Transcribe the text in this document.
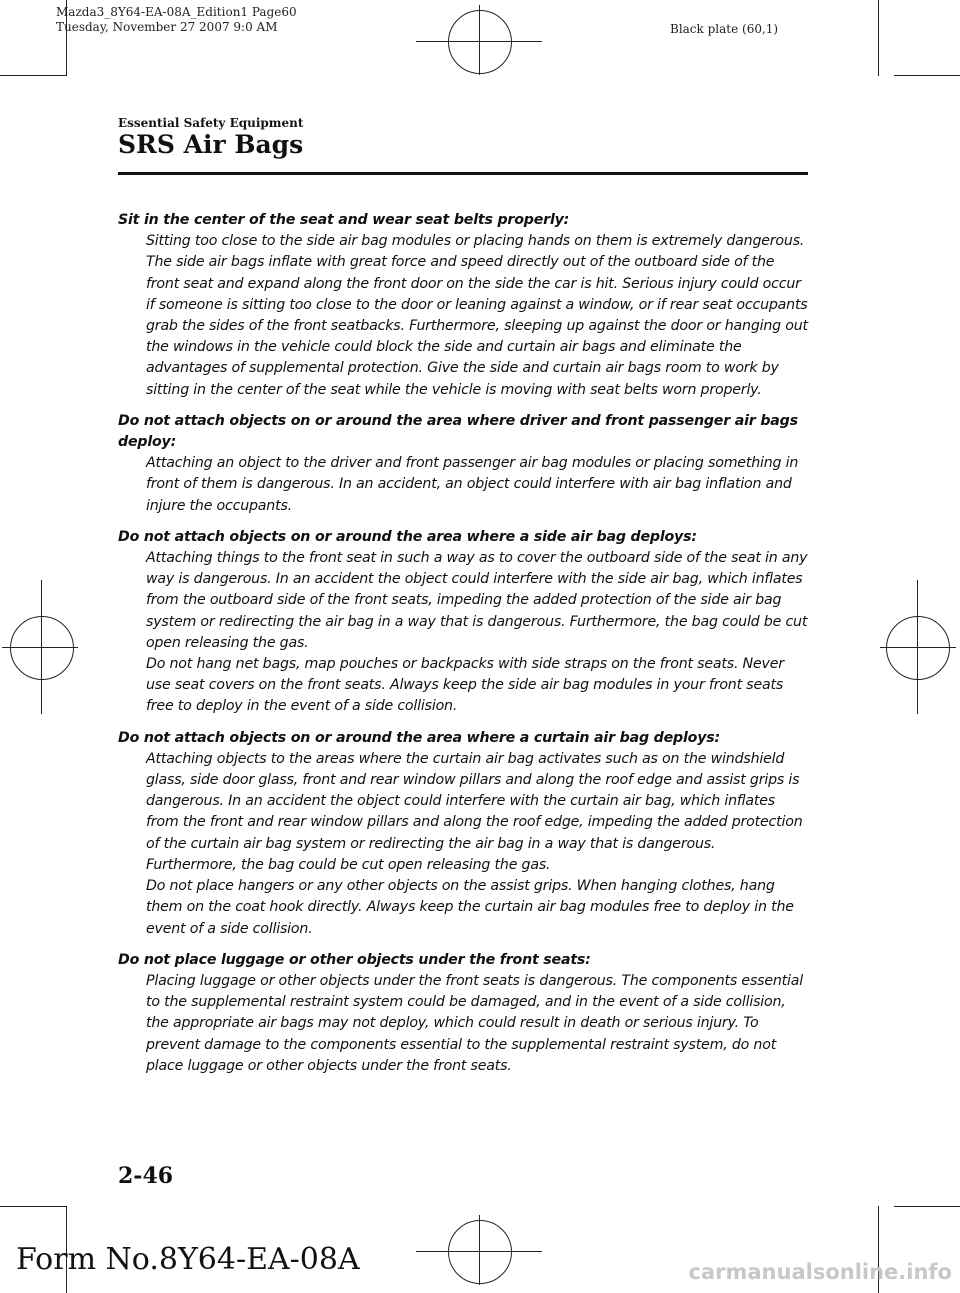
Mazda3_8Y64-EA-08A_Edition1 Page60
Tuesday, November 27 2007 9:0 AM	Black plate (60,1)
Essential Safety Equipment
SRS Air Bags
Sit in the center of the seat and wear seat belts properly:

Sitting too close to the side air bag modules or placing hands on them is extremely dangerous. The side air bags inflate with great force and speed directly out of the outboard side of the front seat and expand along the front door on the side the car is hit. Serious injury could occur if someone is sitting too close to the door or leaning against a window, or if rear seat occupants grab the sides of the front seatbacks. Furthermore, sleeping up against the door or hanging out the windows in the vehicle could block the side and curtain air bags and eliminate the advantages of supplemental protection. Give the side and curtain air bags room to work by sitting in the center of the seat while the vehicle is moving with seat belts worn properly.

Do not attach objects on or around the area where driver and front passenger air bags deploy:

Attaching an object to the driver and front passenger air bag modules or placing something in front of them is dangerous. In an accident, an object could interfere with air bag inflation and injure the occupants.

Do not attach objects on or around the area where a side air bag deploys:

Attaching things to the front seat in such a way as to cover the outboard side of the seat in any way is dangerous. In an accident the object could interfere with the side air bag, which inflates from the outboard side of the front seats, impeding the added protection of the side air bag system or redirecting the air bag in a way that is dangerous. Furthermore, the bag could be cut open releasing the gas.

Do not hang net bags, map pouches or backpacks with side straps on the front seats. Never use seat covers on the front seats. Always keep the side air bag modules in your front seats free to deploy in the event of a side collision.

Do not attach objects on or around the area where a curtain air bag deploys:

Attaching objects to the areas where the curtain air bag activates such as on the windshield glass, side door glass, front and rear window pillars and along the roof edge and assist grips is dangerous. In an accident the object could interfere with the curtain air bag, which inflates from the front and rear window pillars and along the roof edge, impeding the added protection of the curtain air bag system or redirecting the air bag in a way that is dangerous. Furthermore, the bag could be cut open releasing the gas.

Do not place hangers or any other objects on the assist grips. When hanging clothes, hang them on the coat hook directly. Always keep the curtain air bag modules free to deploy in the event of a side collision.

Do not place luggage or other objects under the front seats:

Placing luggage or other objects under the front seats is dangerous. The components essential to the supplemental restraint system could be damaged, and in the event of a side collision, the appropriate air bags may not deploy, which could result in death or serious injury. To prevent damage to the components essential to the supplemental restraint system, do not place luggage or other objects under the front seats.

2-46
Form No.8Y64-EA-08A	carmanualsonline.info
